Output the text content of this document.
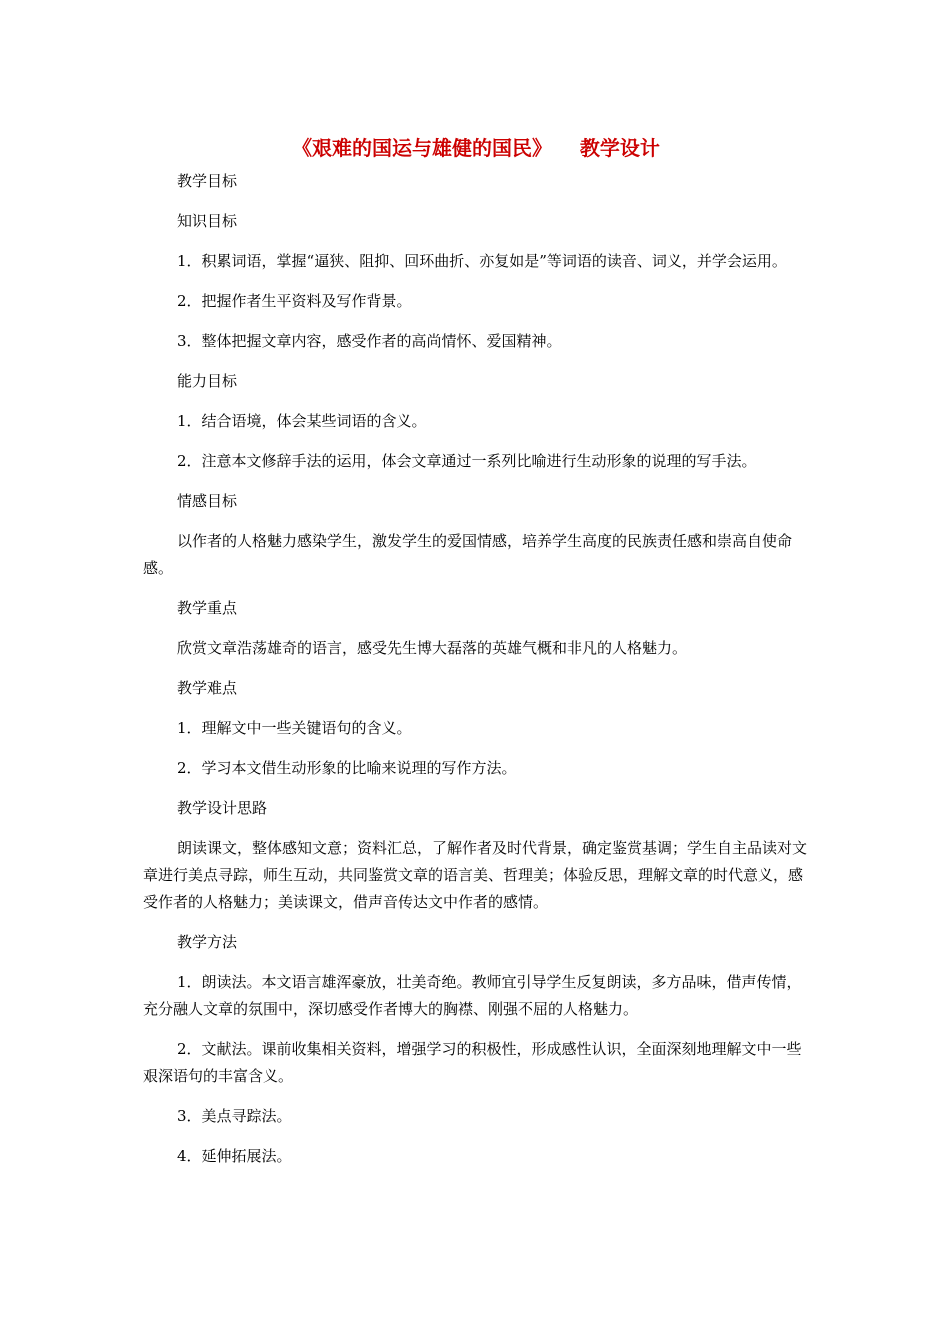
《艰难的国运与雄健的国民》    教学设计

教学目标

知识目标

1．积累词语，掌握“逼狭、阻抑、回环曲折、亦复如是”等词语的读音、词义，并学会运用。

2．把握作者生平资料及写作背景。

3．整体把握文章内容，感受作者的高尚情怀、爱国精神。

能力目标

1．结合语境，体会某些词语的含义。

2．注意本文修辞手法的运用，体会文章通过一系列比喻进行生动形象的说理的写手法。

情感目标

以作者的人格魅力感染学生，激发学生的爱国情感，培养学生高度的民族责任感和崇高自使命感。

教学重点

欣赏文章浩荡雄奇的语言，感受先生博大磊落的英雄气概和非凡的人格魅力。

教学难点

1．理解文中一些关键语句的含义。

2．学习本文借生动形象的比喻来说理的写作方法。

教学设计思路

朗读课文，整体感知文意；资料汇总，了解作者及时代背景，确定鉴赏基调；学生自主品读对文章进行美点寻踪，师生互动，共同鉴赏文章的语言美、哲理美；体验反思，理解文章的时代意义，感受作者的人格魅力；美读课文，借声音传达文中作者的感情。

教学方法

1．朗读法。本文语言雄浑豪放，壮美奇绝。教师宜引导学生反复朗读，多方品味，借声传情，充分融人文章的氛围中，深切感受作者博大的胸襟、刚强不屈的人格魅力。

2．文献法。课前收集相关资料，增强学习的积极性，形成感性认识，全面深刻地理解文中一些艰深语句的丰富含义。

3．美点寻踪法。

4．延伸拓展法。
